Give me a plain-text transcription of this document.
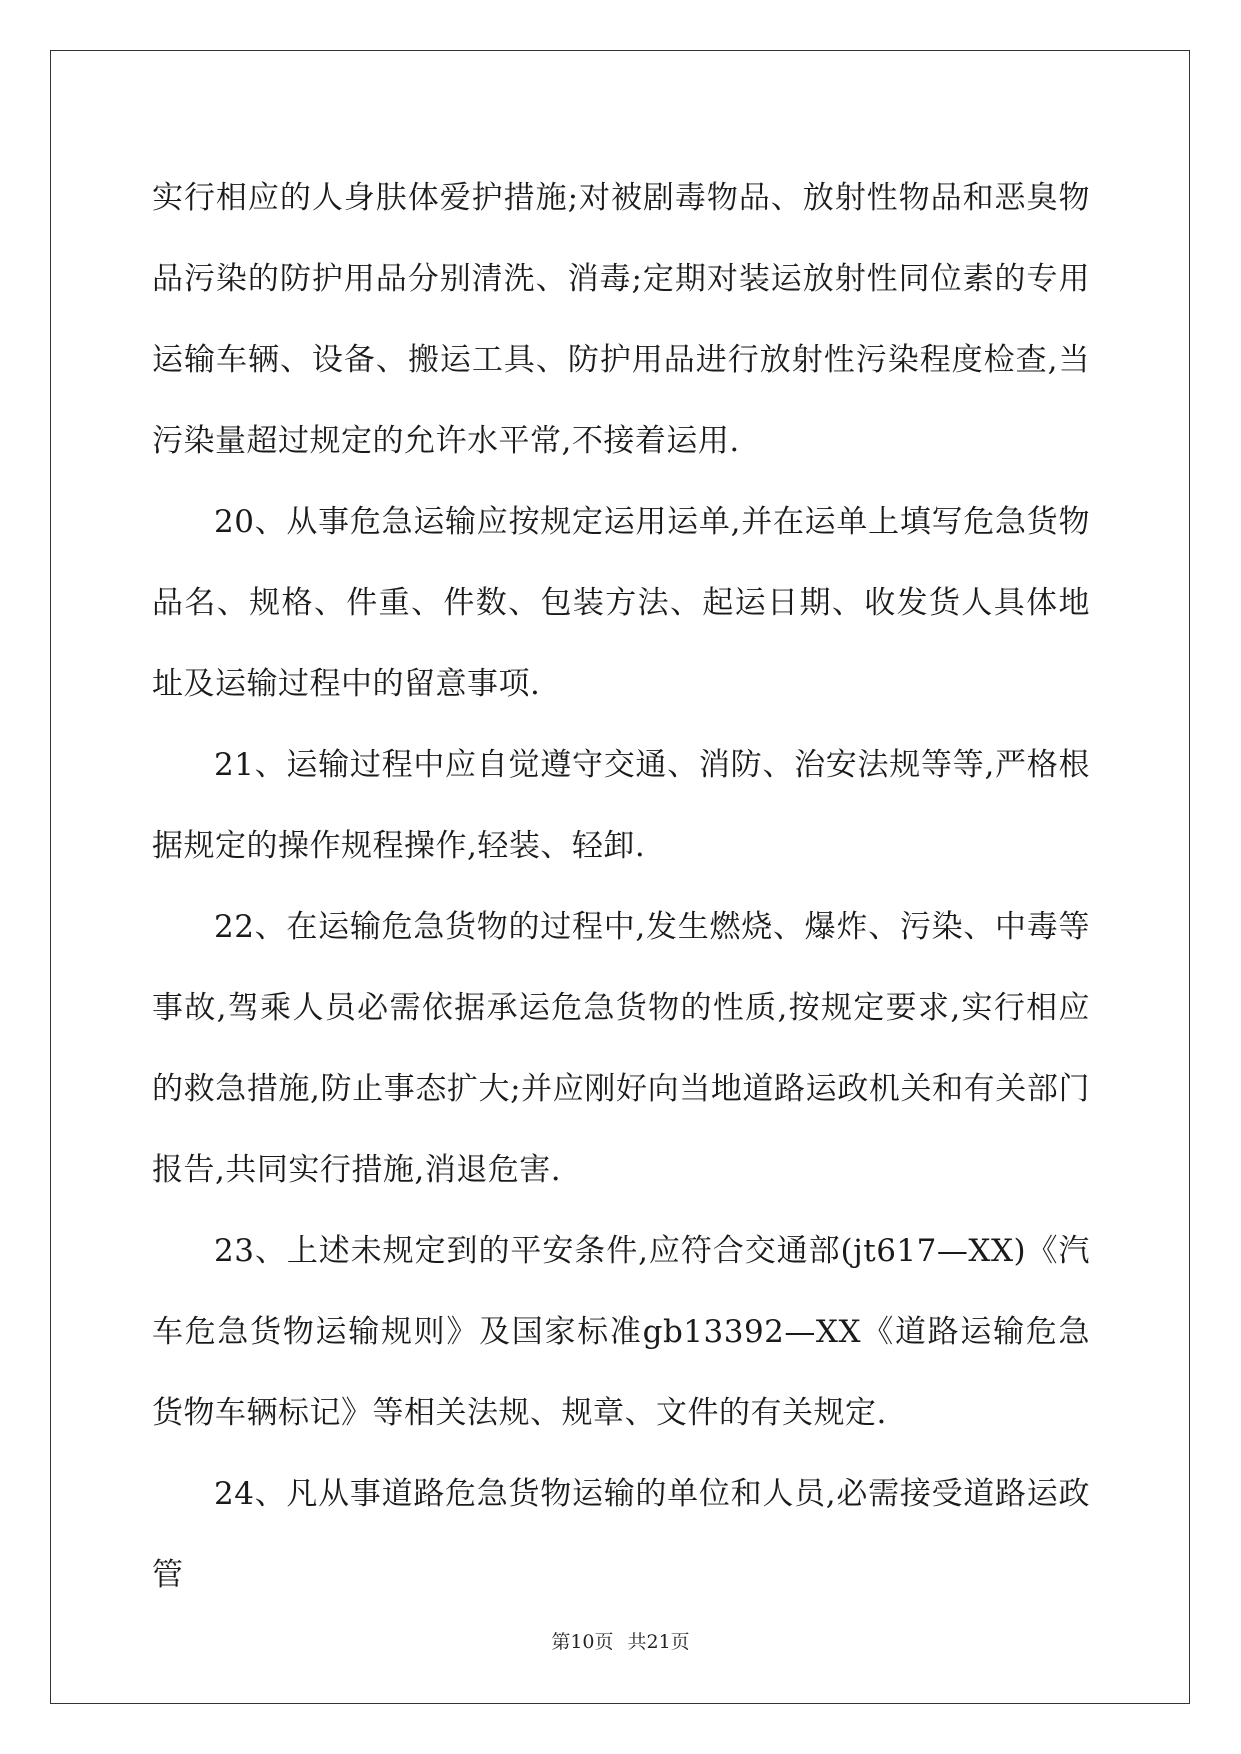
实行相应的人身肤体爱护措施;对被剧毒物品、放射性物品和恶臭物品污染的防护用品分别清洗、消毒;定期对装运放射性同位素的专用运输车辆、设备、搬运工具、防护用品进行放射性污染程度检查,当污染量超过规定的允许水平常,不接着运用.

20、从事危急运输应按规定运用运单,并在运单上填写危急货物品名、规格、件重、件数、包装方法、起运日期、收发货人具体地址及运输过程中的留意事项.

21、运输过程中应自觉遵守交通、消防、治安法规等等,严格根据规定的操作规程操作,轻装、轻卸.

22、在运输危急货物的过程中,发生燃烧、爆炸、污染、中毒等事故,驾乘人员必需依据承运危急货物的性质,按规定要求,实行相应的救急措施,防止事态扩大;并应刚好向当地道路运政机关和有关部门报告,共同实行措施,消退危害.

23、上述未规定到的平安条件,应符合交通部(jt617—XX)《汽车危急货物运输规则》及国家标准gb13392—XX《道路运输危急货物车辆标记》等相关法规、规章、文件的有关规定.

24、凡从事道路危急货物运输的单位和人员,必需接受道路运政管

第10页 共21页
